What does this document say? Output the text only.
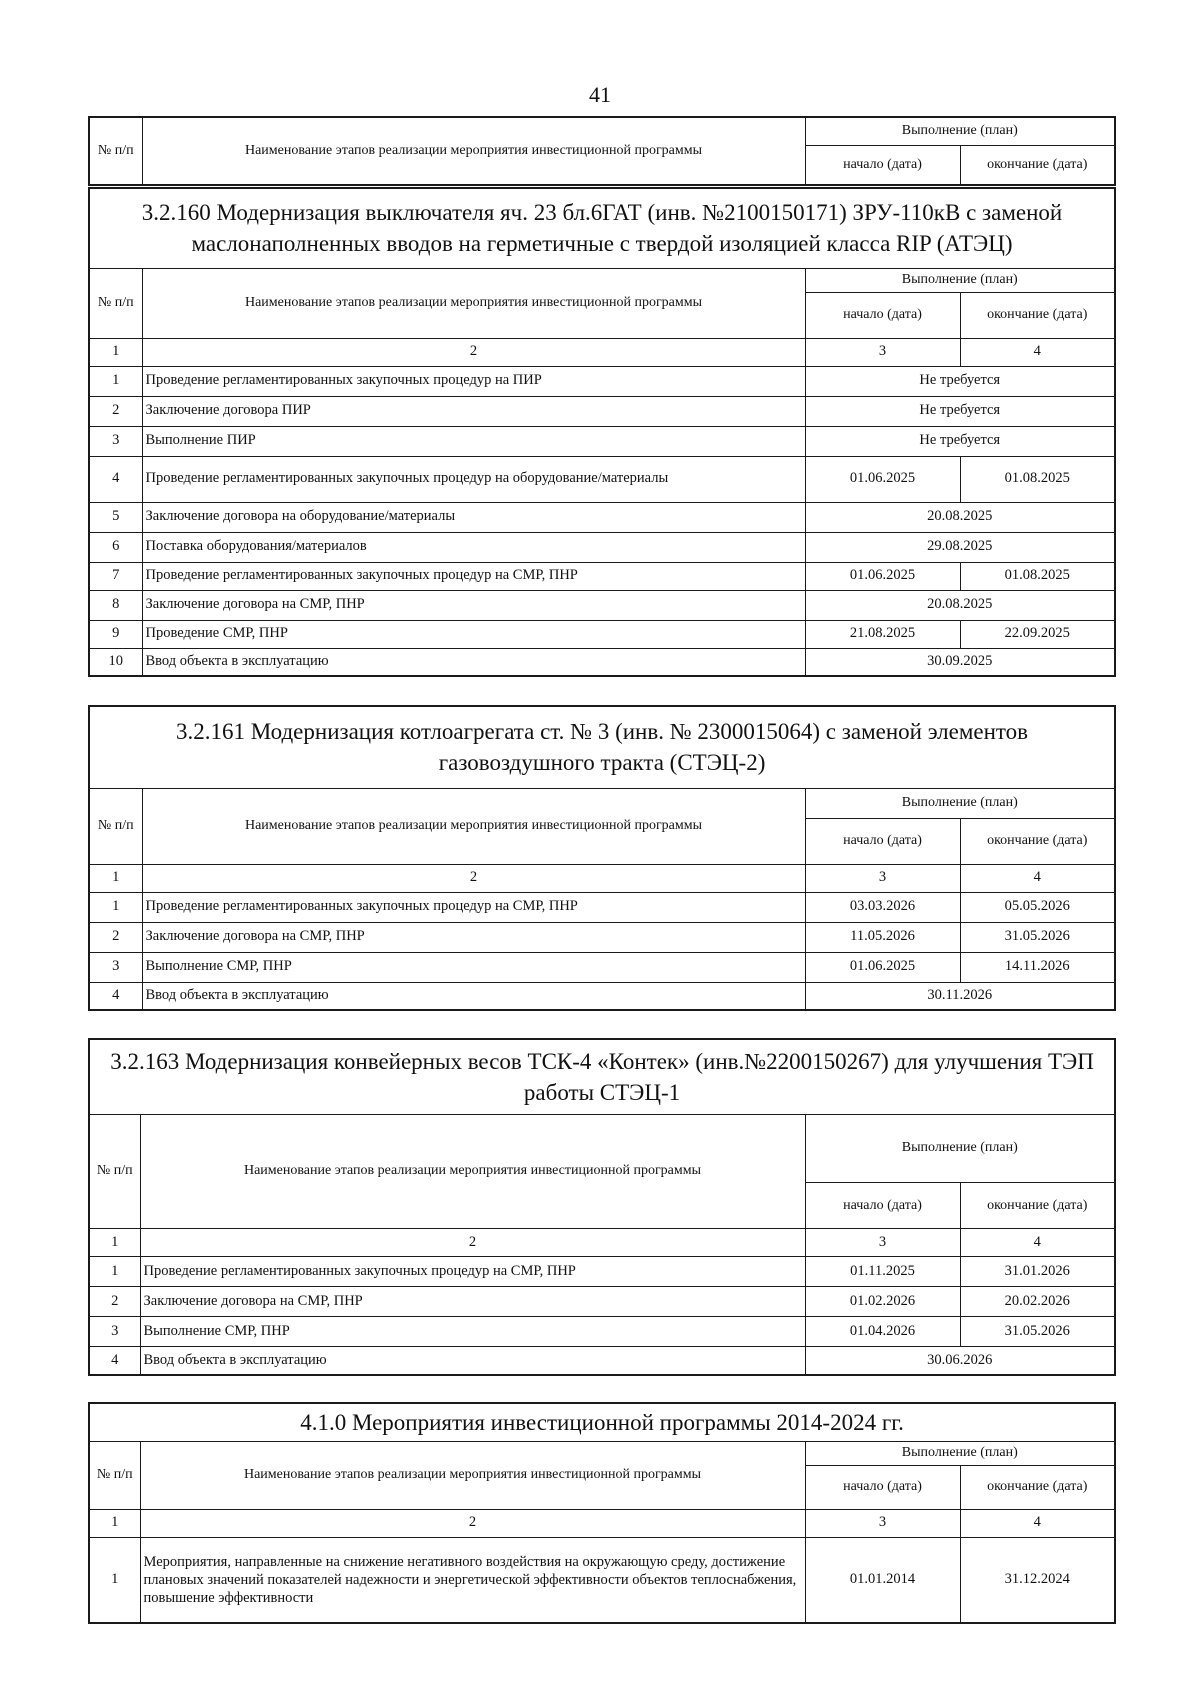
41
№ п/п	Наименование этапов реализации мероприятия инвестиционной программы	Выполнение (план)	
		начало (дата)	окончание (дата)
3.2.160 Модернизация выключателя яч. 23 бл.6ГАТ (инв. №2100150171) ЗРУ-110кВ с заменой маслонаполненных вводов на герметичные с твердой изоляцией класса RIP (АТЭЦ)			
№ п/п	Наименование этапов реализации мероприятия инвестиционной программы	Выполнение (план)	
		начало (дата)	окончание (дата)
1	2	3	4
1	Проведение регламентированных закупочных процедур на ПИР	Не требуется	
2	Заключение договора ПИР	Не требуется	
3	Выполнение ПИР	Не требуется	
4	Проведение регламентированных закупочных процедур на оборудование/материалы	01.06.2025	01.08.2025
5	Заключение договора на оборудование/материалы	20.08.2025	
6	Поставка оборудования/материалов	29.08.2025	
7	Проведение регламентированных закупочных процедур на СМР, ПНР	01.06.2025	01.08.2025
8	Заключение договора на СМР, ПНР	20.08.2025	
9	Проведение СМР, ПНР	21.08.2025	22.09.2025
10	Ввод объекта в эксплуатацию	30.09.2025	
3.2.161 Модернизация котлоагрегата ст. № 3 (инв. № 2300015064) с заменой элементов газовоздушного тракта (СТЭЦ-2)			
№ п/п	Наименование этапов реализации мероприятия инвестиционной программы	Выполнение (план)	
		начало (дата)	окончание (дата)
1	2	3	4
1	Проведение регламентированных закупочных процедур на СМР, ПНР	03.03.2026	05.05.2026
2	Заключение договора на СМР, ПНР	11.05.2026	31.05.2026
3	Выполнение СМР, ПНР	01.06.2025	14.11.2026
4	Ввод объекта в эксплуатацию	30.11.2026	
3.2.163 Модернизация конвейерных весов ТСК-4 «Контек» (инв.№2200150267) для улучшения ТЭП работы СТЭЦ-1			
№ п/п	Наименование этапов реализации мероприятия инвестиционной программы	Выполнение (план)	
		начало (дата)	окончание (дата)
1	2	3	4
1	Проведение регламентированных закупочных процедур на СМР, ПНР	01.11.2025	31.01.2026
2	Заключение договора на СМР, ПНР	01.02.2026	20.02.2026
3	Выполнение СМР, ПНР	01.04.2026	31.05.2026
4	Ввод объекта в эксплуатацию	30.06.2026	
4.1.0 Мероприятия инвестиционной программы 2014-2024 гг.			
№ п/п	Наименование этапов реализации мероприятия инвестиционной программы	Выполнение (план)	
		начало (дата)	окончание (дата)
1	2	3	4
1	Мероприятия, направленные на снижение негативного воздействия на окружающую среду, достижение плановых значений показателей надежности и энергетической эффективности объектов теплоснабжения, повышение эффективности	01.01.2014	31.12.2024
